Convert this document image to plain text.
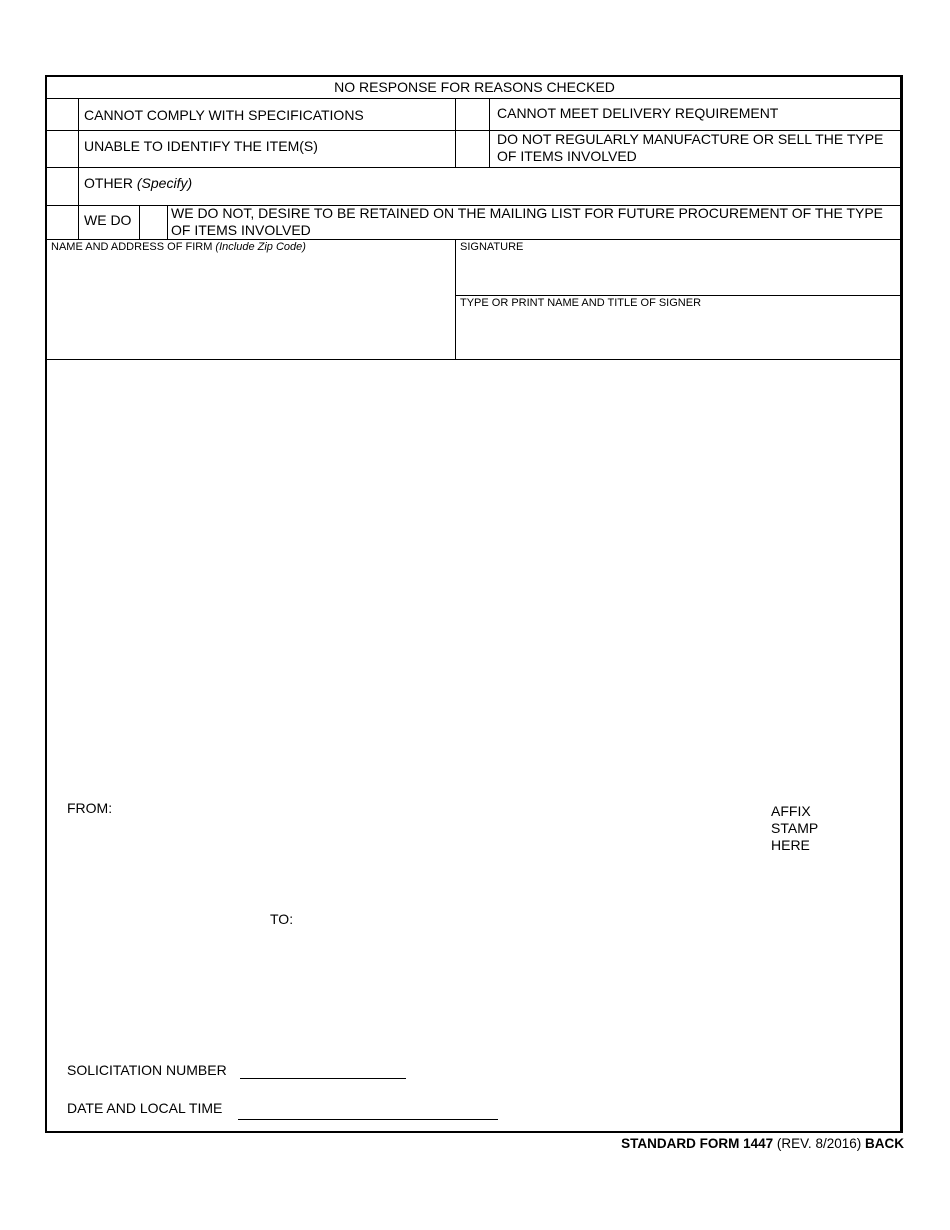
NO RESPONSE FOR REASONS CHECKED
CANNOT COMPLY WITH SPECIFICATIONS	CANNOT MEET DELIVERY REQUIREMENT
UNABLE TO IDENTIFY THE ITEM(S)	DO NOT REGULARLY MANUFACTURE OR SELL THE TYPE OF ITEMS INVOLVED
OTHER (Specify)
WE DO	WE DO NOT, DESIRE TO BE RETAINED ON THE MAILING LIST FOR FUTURE PROCUREMENT OF THE TYPE OF ITEMS INVOLVED
NAME AND ADDRESS OF FIRM (Include Zip Code)	SIGNATURE
TYPE OR PRINT NAME AND TITLE OF SIGNER
FROM:	AFFIX
STAMP
HERE
TO:
SOLICITATION NUMBER
DATE AND LOCAL TIME
STANDARD FORM 1447 (REV. 8/2016) BACK
